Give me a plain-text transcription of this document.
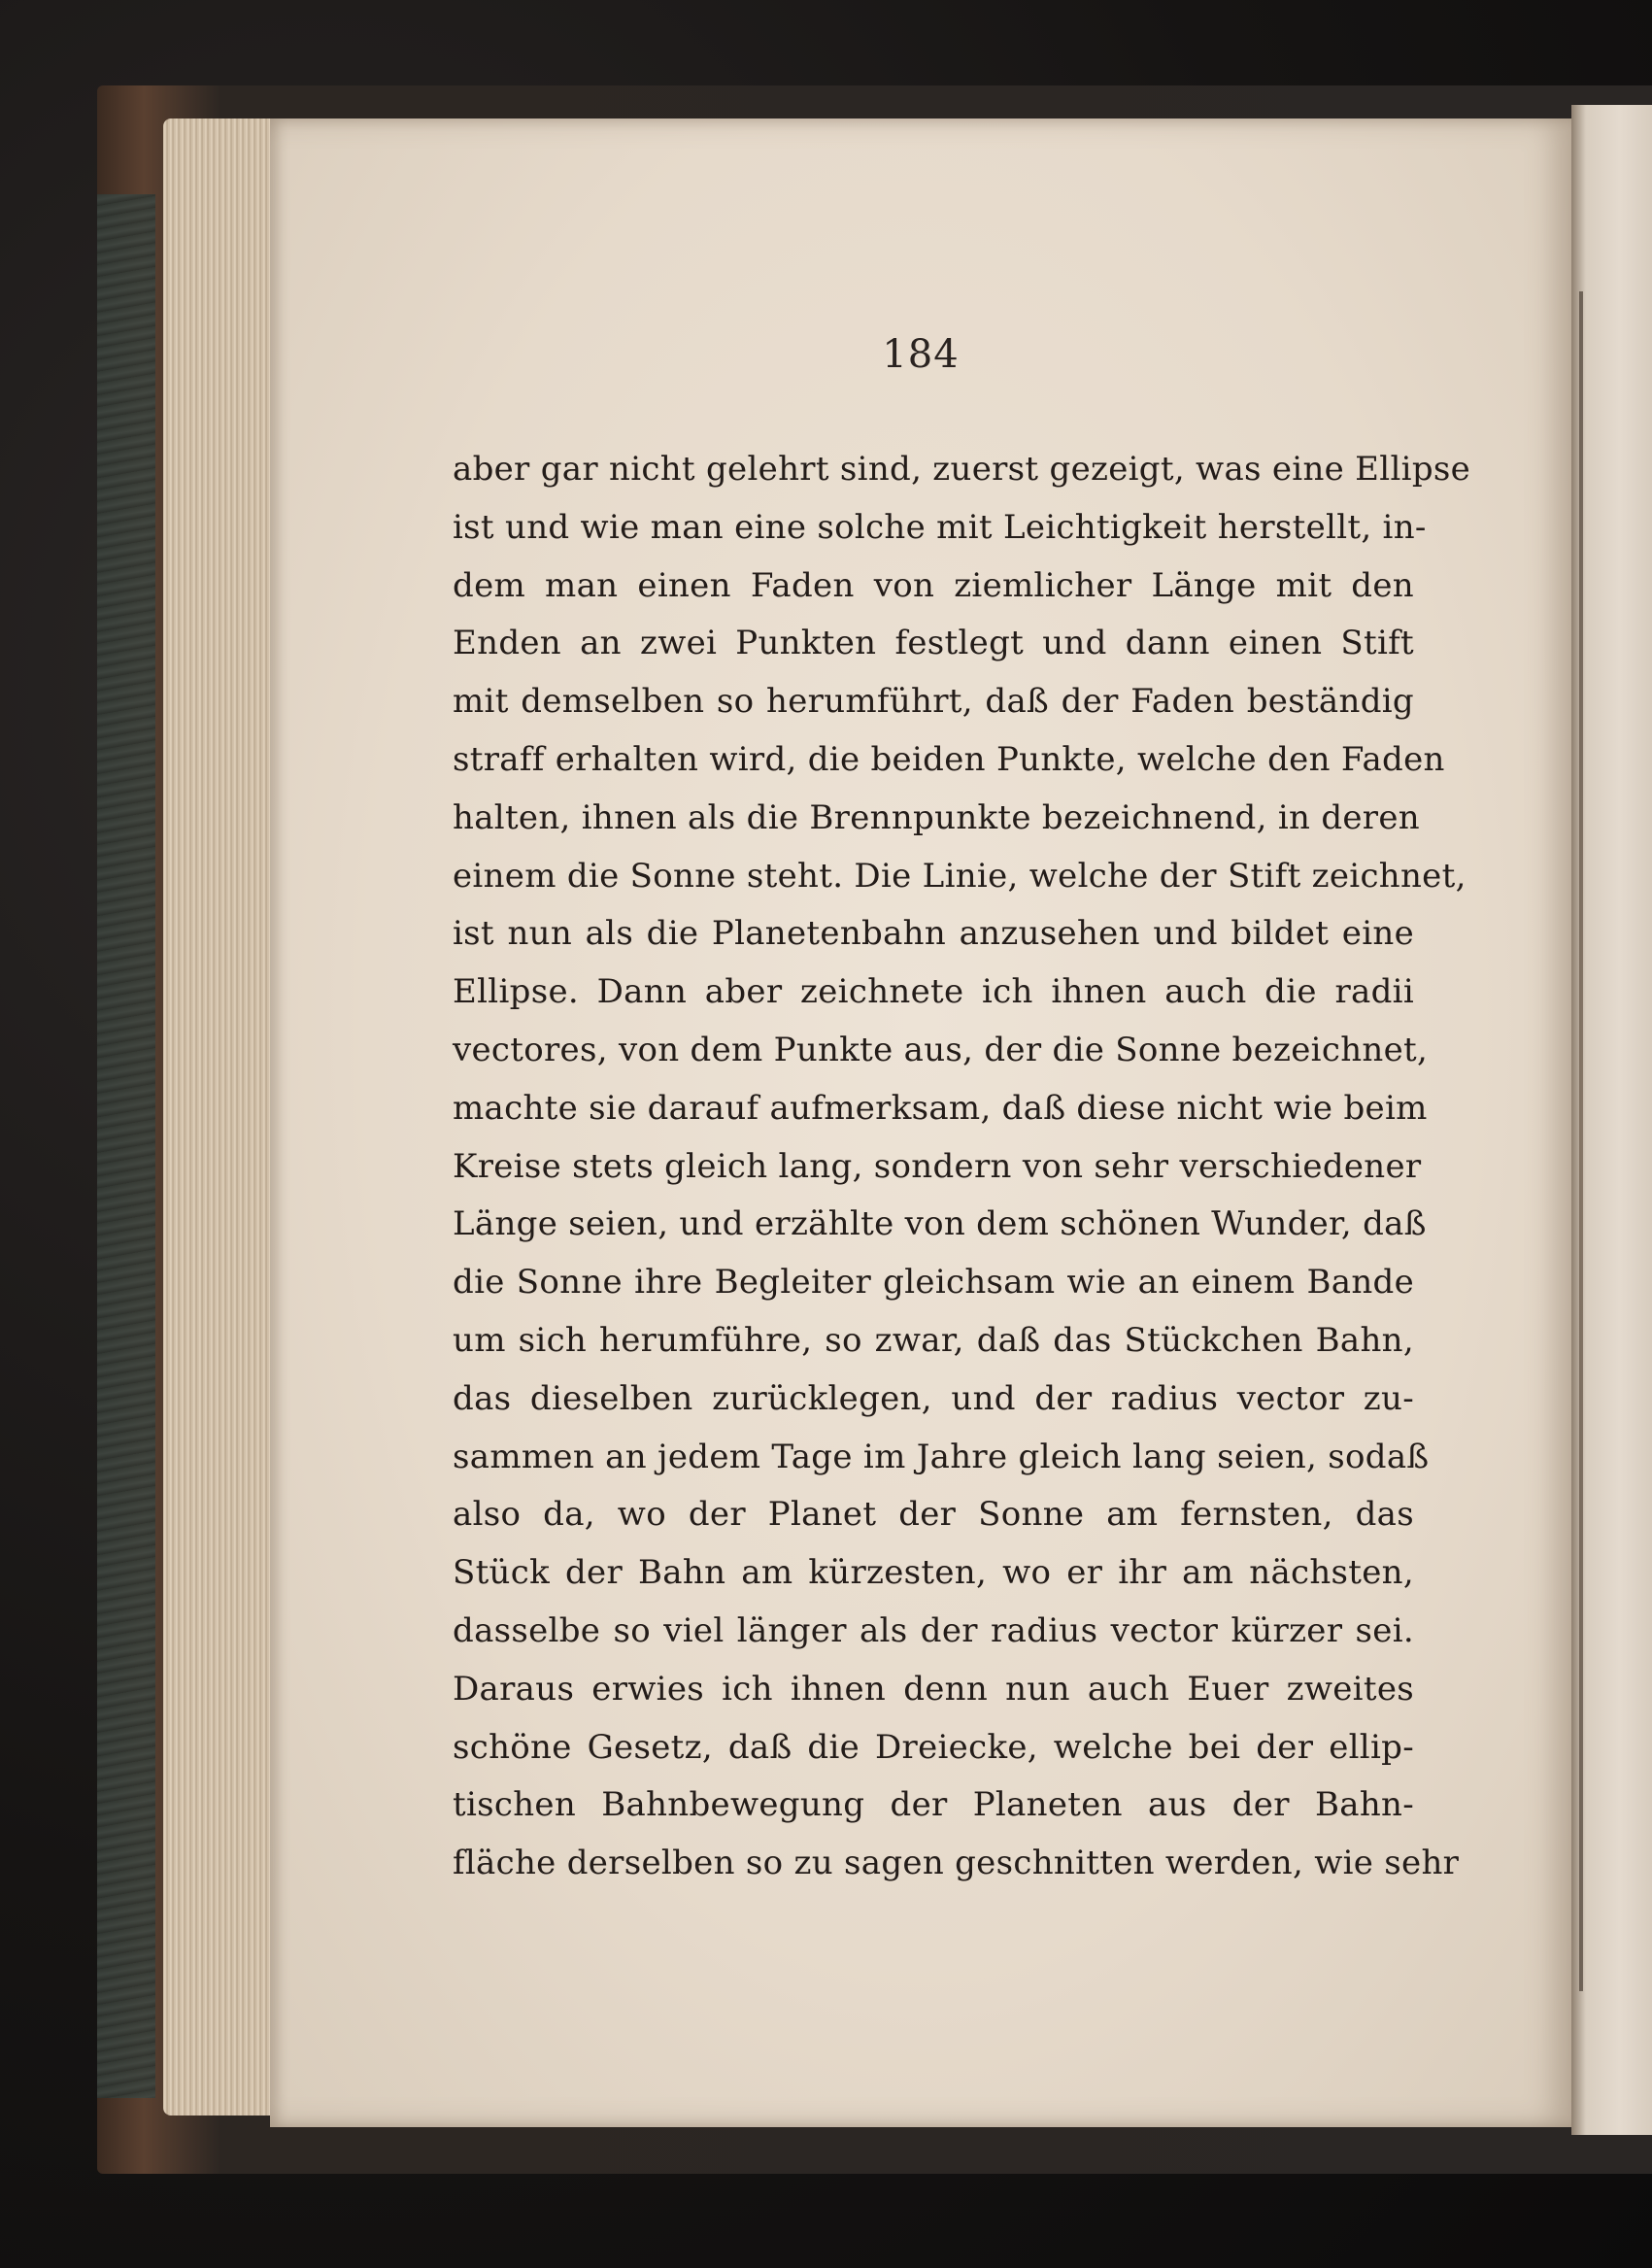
184
aber gar nicht gelehrt sind, zuerst gezeigt, was eine Ellipse
ist und wie man eine solche mit Leichtigkeit herstellt, in-
dem man einen Faden von ziemlicher Länge mit den
Enden an zwei Punkten festlegt und dann einen Stift
mit demselben so herumführt, daß der Faden beständig
straff erhalten wird, die beiden Punkte, welche den Faden
halten, ihnen als die Brennpunkte bezeichnend, in deren
einem die Sonne steht. Die Linie, welche der Stift zeichnet,
ist nun als die Planetenbahn anzusehen und bildet eine
Ellipse. Dann aber zeichnete ich ihnen auch die radii
vectores, von dem Punkte aus, der die Sonne bezeichnet,
machte sie darauf aufmerksam, daß diese nicht wie beim
Kreise stets gleich lang, sondern von sehr verschiedener
Länge seien, und erzählte von dem schönen Wunder, daß
die Sonne ihre Begleiter gleichsam wie an einem Bande
um sich herumführe, so zwar, daß das Stückchen Bahn,
das dieselben zurücklegen, und der radius vector zu-
sammen an jedem Tage im Jahre gleich lang seien, sodaß
also da, wo der Planet der Sonne am fernsten, das
Stück der Bahn am kürzesten, wo er ihr am nächsten,
dasselbe so viel länger als der radius vector kürzer sei.
Daraus erwies ich ihnen denn nun auch Euer zweites
schöne Gesetz, daß die Dreiecke, welche bei der ellip-
tischen Bahnbewegung der Planeten aus der Bahn-
fläche derselben so zu sagen geschnitten werden, wie sehr
